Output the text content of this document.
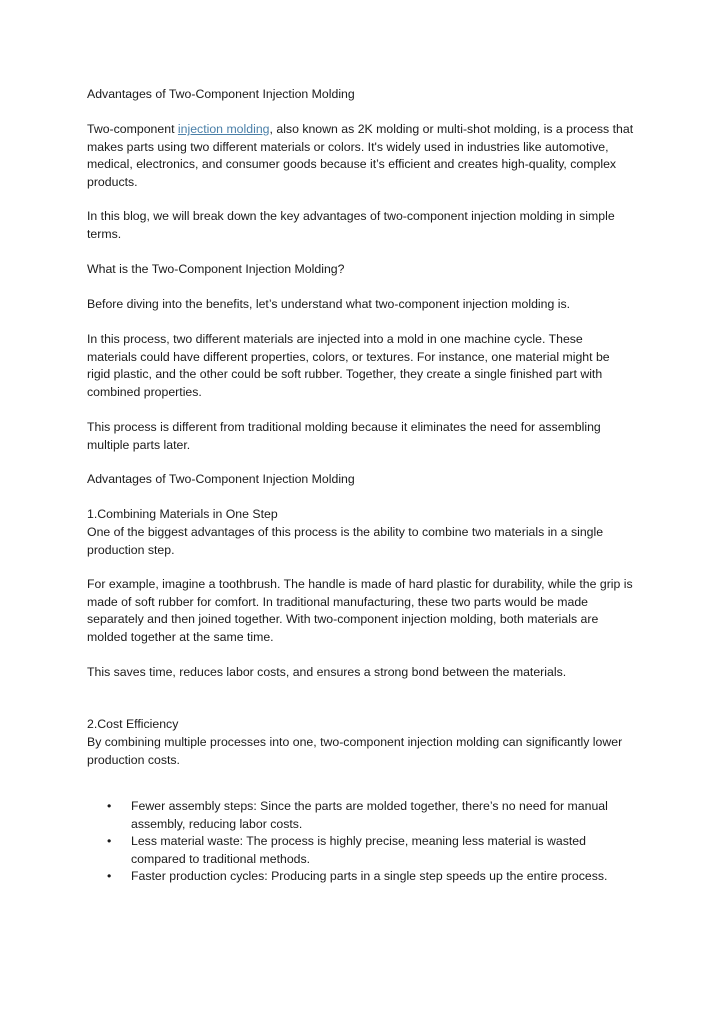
Advantages of Two-Component Injection Molding

Two-component injection molding, also known as 2K molding or multi-shot molding, is a process that makes parts using two different materials or colors. It's widely used in industries like automotive, medical, electronics, and consumer goods because it’s efficient and creates high-quality, complex products.

In this blog, we will break down the key advantages of two-component injection molding in simple terms.

What is the Two-Component Injection Molding?

Before diving into the benefits, let’s understand what two-component injection molding is.

In this process, two different materials are injected into a mold in one machine cycle. These materials could have different properties, colors, or textures. For instance, one material might be rigid plastic, and the other could be soft rubber. Together, they create a single finished part with combined properties.

This process is different from traditional molding because it eliminates the need for assembling multiple parts later.

Advantages of Two-Component Injection Molding

1.Combining Materials in One Step

One of the biggest advantages of this process is the ability to combine two materials in a single production step.

For example, imagine a toothbrush. The handle is made of hard plastic for durability, while the grip is made of soft rubber for comfort. In traditional manufacturing, these two parts would be made separately and then joined together. With two-component injection molding, both materials are molded together at the same time.

This saves time, reduces labor costs, and ensures a strong bond between the materials.

2.Cost Efficiency

By combining multiple processes into one, two-component injection molding can significantly lower production costs.

• Fewer assembly steps: Since the parts are molded together, there’s no need for manual assembly, reducing labor costs.
• Less material waste: The process is highly precise, meaning less material is wasted compared to traditional methods.
• Faster production cycles: Producing parts in a single step speeds up the entire process.
